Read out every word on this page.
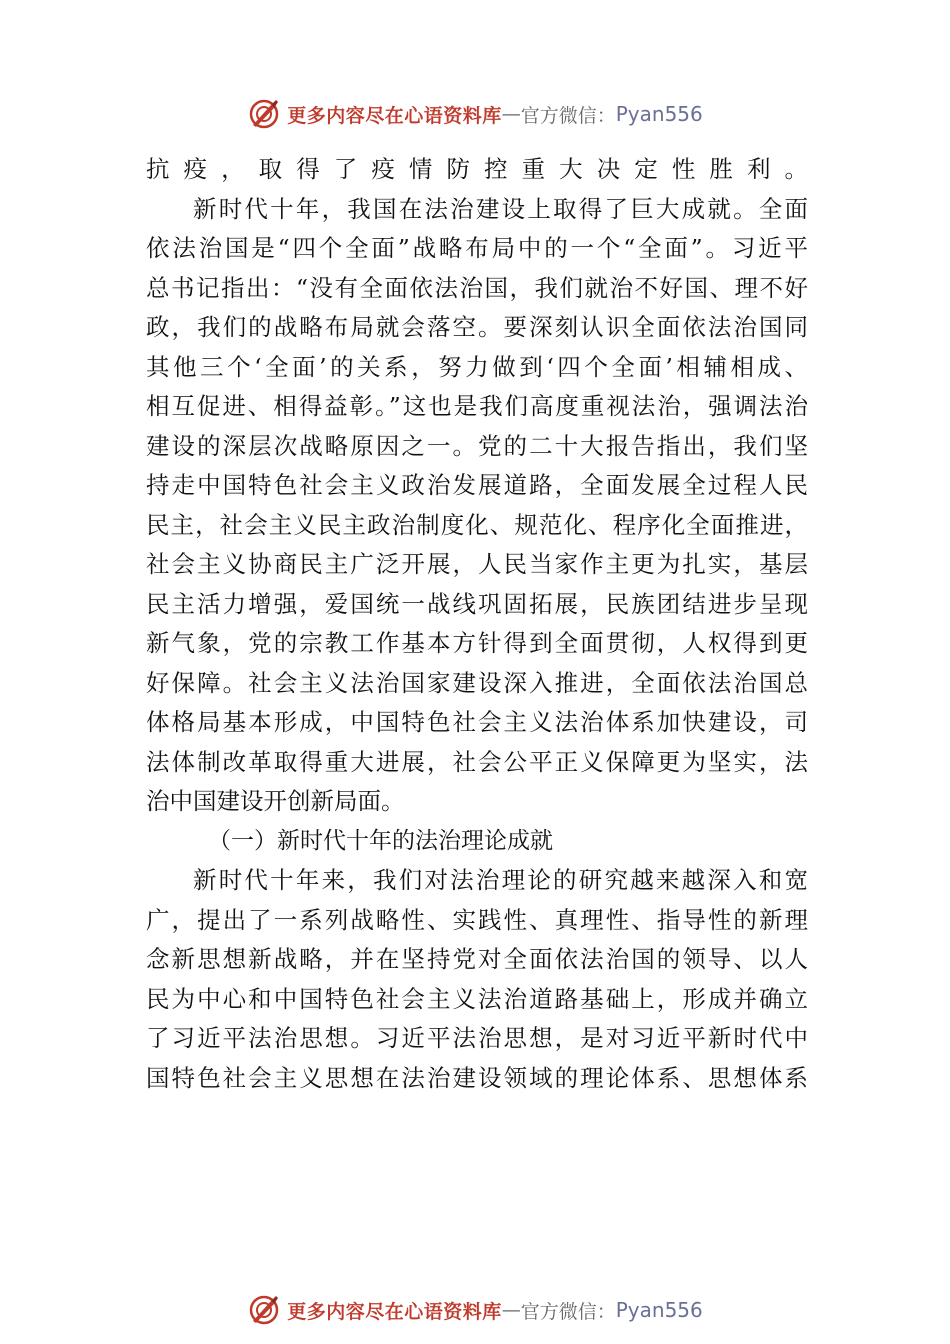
更多内容尽在心语资料库 — 官方微信： Pyan556
抗疫，取得了疫情防控重大决定性胜利。
新时代十年，我国在法治建设上取得了巨大成就。全面
依法治国是“四个全面”战略布局中的一个“全面”。习近平
总书记指出：“没有全面依法治国，我们就治不好国、理不好
政，我们的战略布局就会落空。要深刻认识全面依法治国同
其他三个‘全面’的关系，努力做到‘四个全面’相辅相成、
相互促进、相得益彰。”这也是我们高度重视法治，强调法治
建设的深层次战略原因之一。党的二十大报告指出，我们坚
持走中国特色社会主义政治发展道路，全面发展全过程人民
民主，社会主义民主政治制度化、规范化、程序化全面推进，
社会主义协商民主广泛开展，人民当家作主更为扎实，基层
民主活力增强，爱国统一战线巩固拓展，民族团结进步呈现
新气象，党的宗教工作基本方针得到全面贯彻，人权得到更
好保障。社会主义法治国家建设深入推进，全面依法治国总
体格局基本形成，中国特色社会主义法治体系加快建设，司
法体制改革取得重大进展，社会公平正义保障更为坚实，法
治中国建设开创新局面。
（一）新时代十年的法治理论成就
新时代十年来，我们对法治理论的研究越来越深入和宽
广，提出了一系列战略性、实践性、真理性、指导性的新理
念新思想新战略，并在坚持党对全面依法治国的领导、以人
民为中心和中国特色社会主义法治道路基础上，形成并确立
了习近平法治思想。习近平法治思想，是对习近平新时代中
国特色社会主义思想在法治建设领域的理论体系、思想体系
更多内容尽在心语资料库 — 官方微信： Pyan556
